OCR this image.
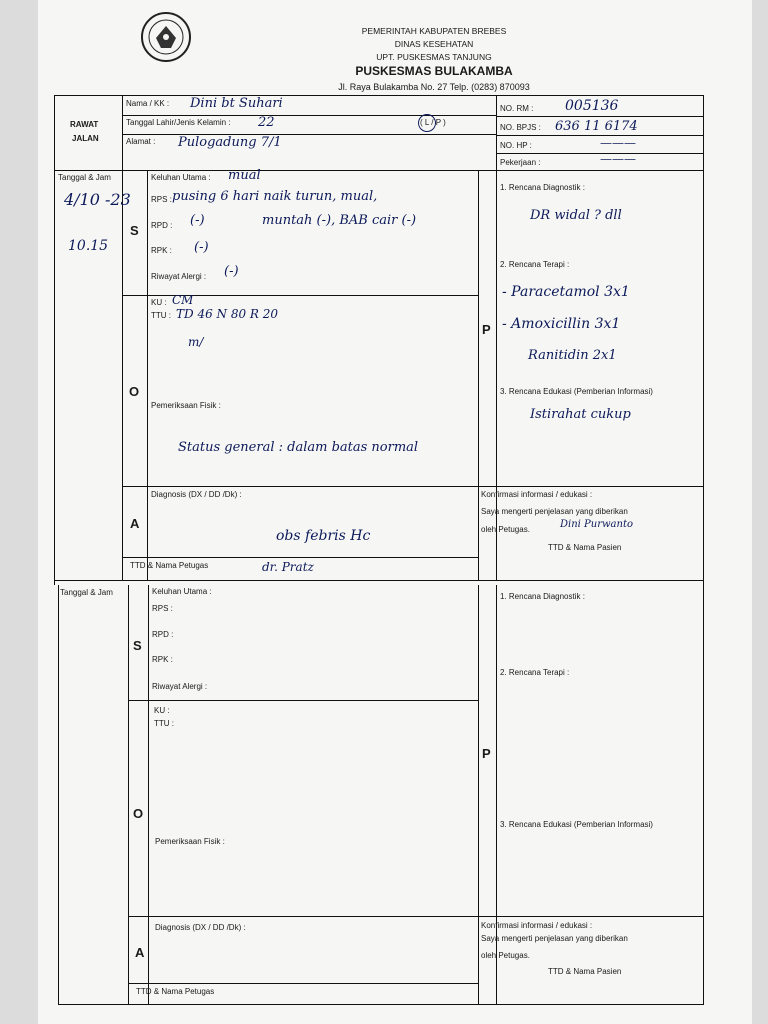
PEMERINTAH KABUPATEN BREBES
DINAS KESEHATAN
UPT. PUSKESMAS TANJUNG
PUSKESMAS BULAKAMBA
Jl. Raya Bulakamba No. 27 Telp. (0283) 870093
RAWAT
JALAN
Nama / KK : Dini bt Suhari
Tanggal Lahir/Jenis Kelamin : 22	( L / P )
Alamat : Pulogadung 7/1
NO. RM : 005136
NO. BPJS : 636 11 6174
NO. HP :	———
Pekerjaan :	———
Tanggal & Jam
4/10 -23
10.15
S
O
A
P
Keluhan Utama : mual
RPS : pusing 6 hari naik turun, mual,
RPD : (-)	muntah (-), BAB cair (-)
RPK : (-)
Riwayat Alergi : (-)
KU : CM
TTU : TD 46 N 80 R 20
m/
Pemeriksaan Fisik :
Status general : dalam batas normal
Diagnosis (DX / DD /Dk) :
obs febris Hc
TTD & Nama Petugas	dr. Pratz
1. Rencana Diagnostik :
DR widal ? dll
2. Rencana Terapi :
- Paracetamol 3x1
- Amoxicillin 3x1
Ranitidin 2x1
3. Rencana Edukasi (Pemberian Informasi)
Istirahat cukup
Konfirmasi informasi / edukasi :
Saya mengerti penjelasan yang diberikan
oleh Petugas.	Dini Purwanto
TTD & Nama Pasien
Tanggal & Jam
S
O
A
P
Keluhan Utama :
RPS :
RPD :
RPK :
Riwayat Alergi :
KU :
TTU :
Pemeriksaan Fisik :
Diagnosis (DX / DD /Dk) :
TTD & Nama Petugas
1. Rencana Diagnostik :
2. Rencana Terapi :
3. Rencana Edukasi (Pemberian Informasi)
Konfirmasi informasi / edukasi :
Saya mengerti penjelasan yang diberikan
oleh Petugas.
TTD & Nama Pasien
